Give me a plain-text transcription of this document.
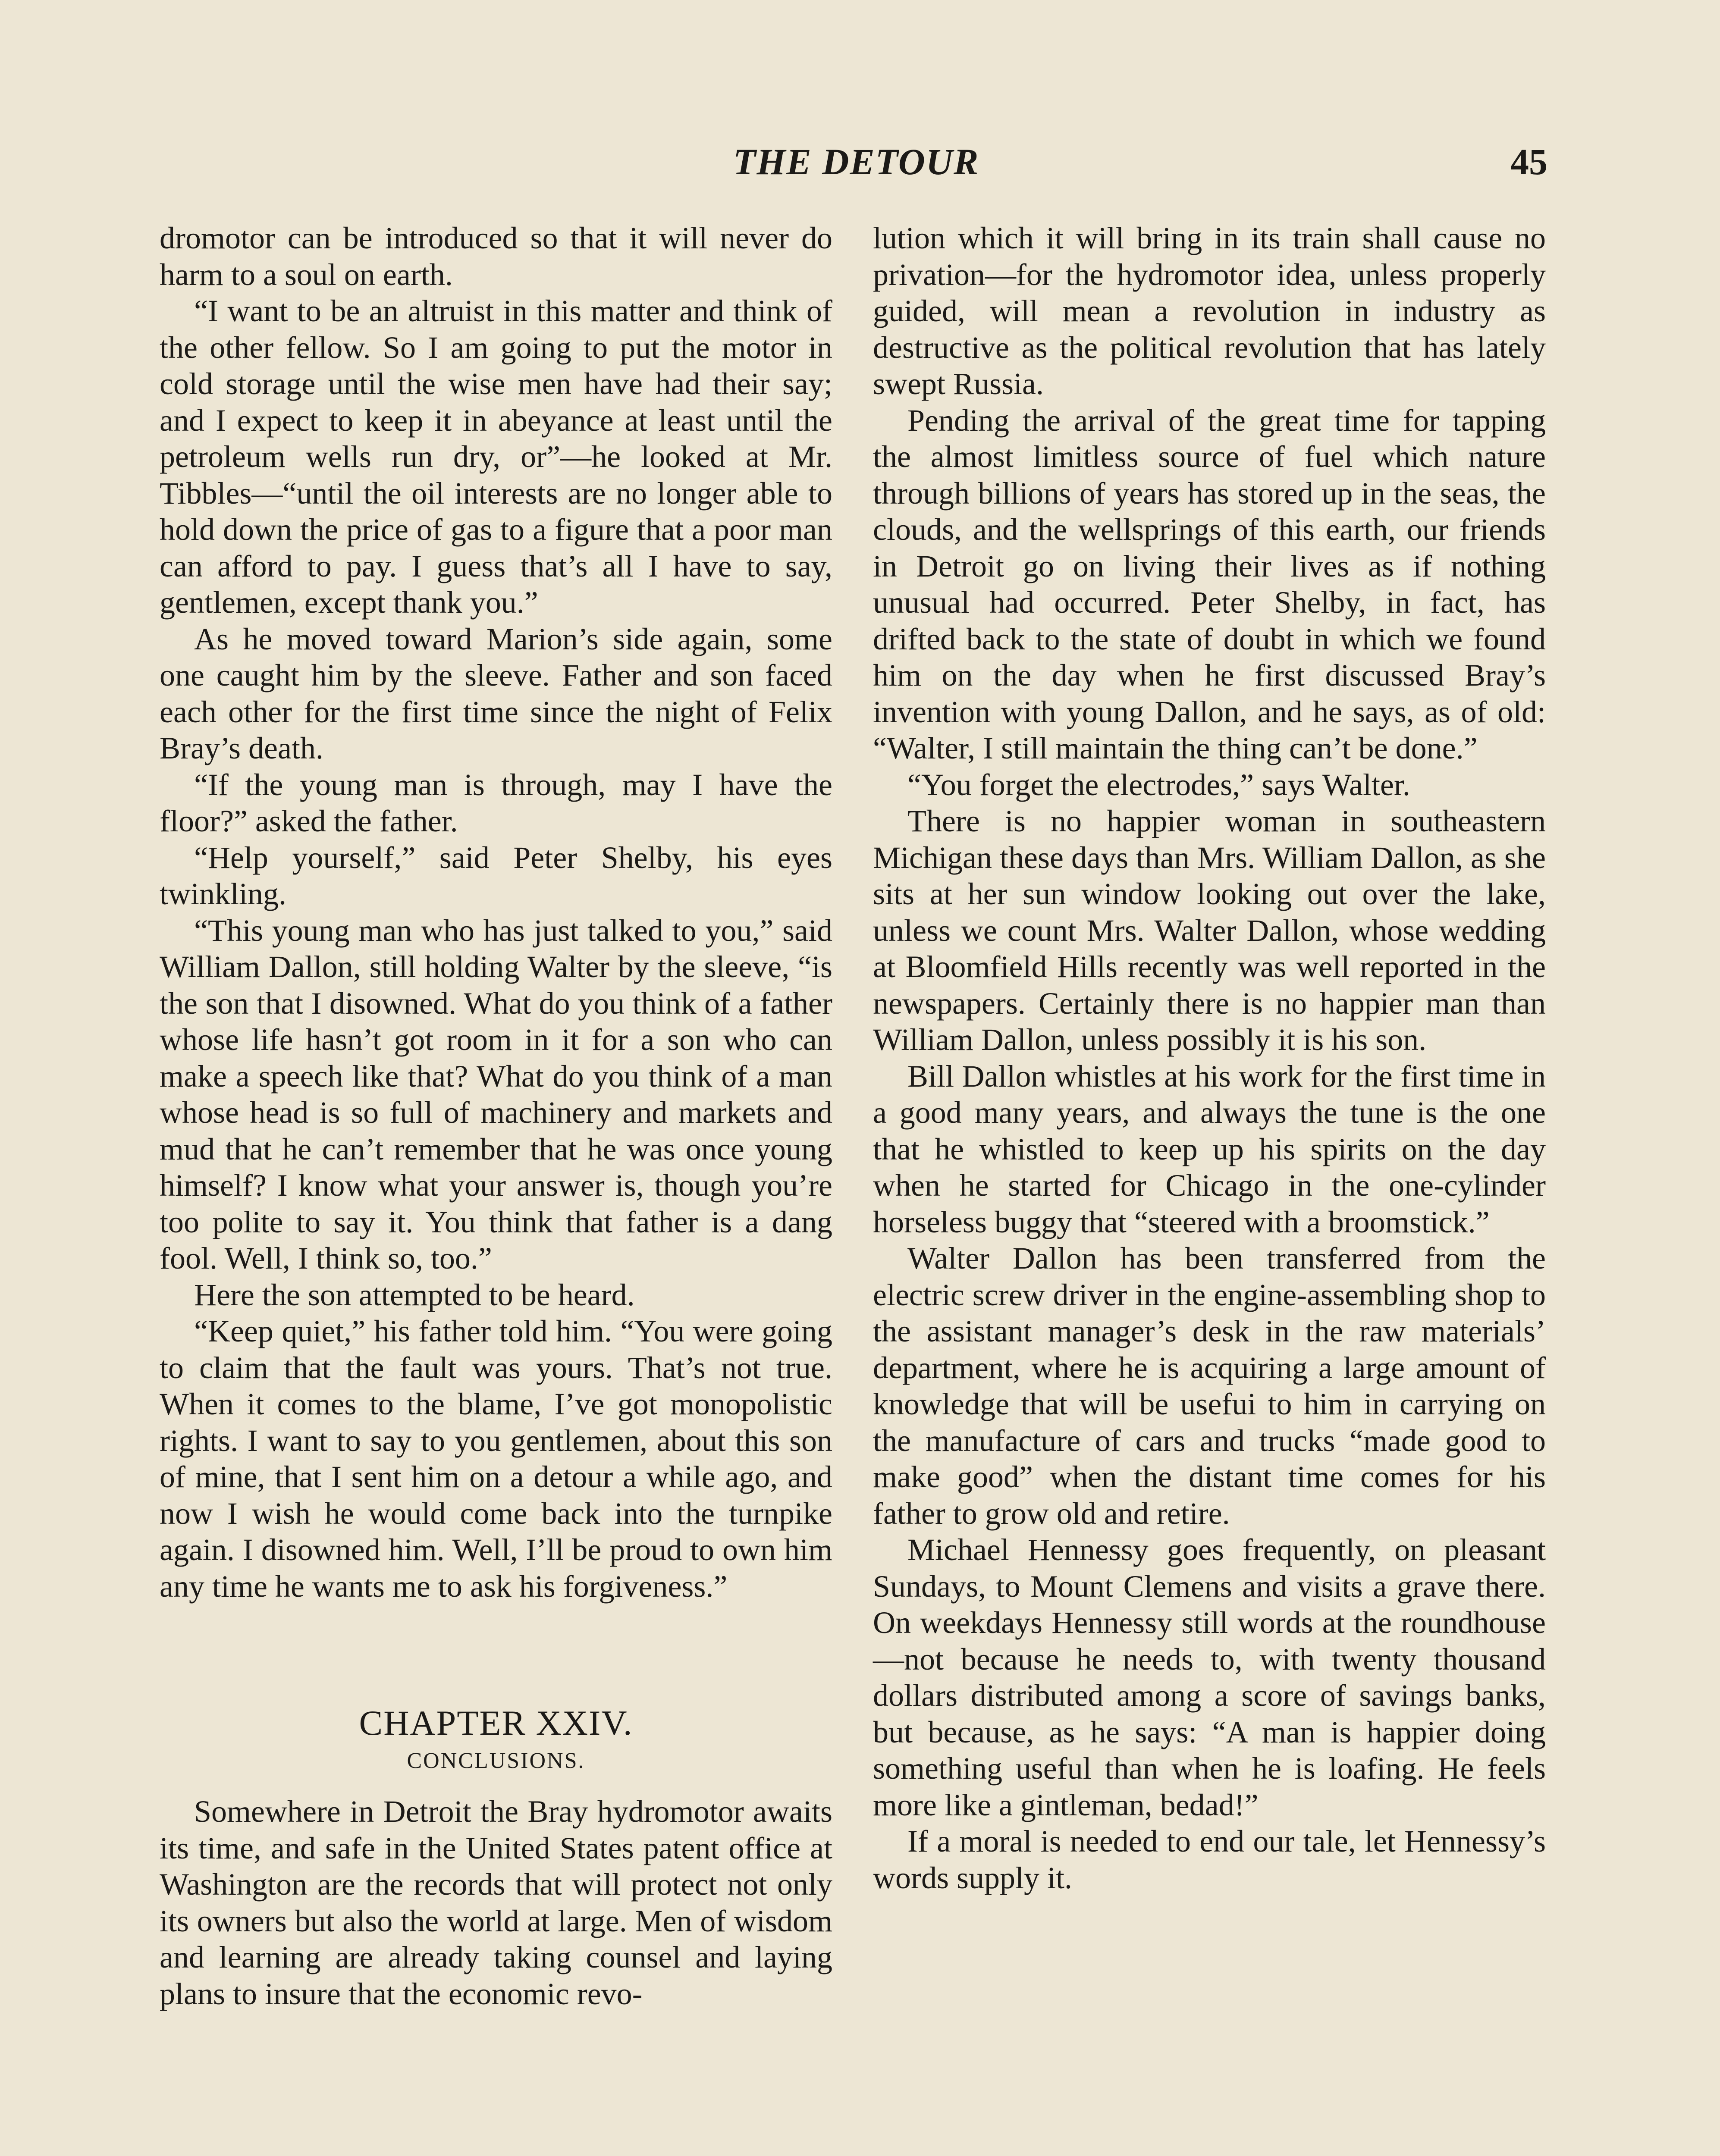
THE DETOUR	45

dromotor can be introduced so that it will never do harm to a soul on earth.

“I want to be an altruist in this matter and think of the other fellow. So I am going to put the motor in cold storage until the wise men have had their say; and I expect to keep it in abeyance at least until the petroleum wells run dry, or”—he looked at Mr. Tibbles—“until the oil interests are no longer able to hold down the price of gas to a figure that a poor man can afford to pay. I guess that’s all I have to say, gentlemen, except thank you.”

As he moved toward Marion’s side again, some one caught him by the sleeve. Father and son faced each other for the first time since the night of Felix Bray’s death.

“If the young man is through, may I have the floor?” asked the father.

“Help yourself,” said Peter Shelby, his eyes twinkling.

“This young man who has just talked to you,” said William Dallon, still holding Walter by the sleeve, “is the son that I disowned. What do you think of a father whose life hasn’t got room in it for a son who can make a speech like that? What do you think of a man whose head is so full of machinery and markets and mud that he can’t remember that he was once young himself? I know what your answer is, though you’re too polite to say it. You think that father is a dang fool. Well, I think so, too.”

Here the son attempted to be heard.

“Keep quiet,” his father told him. “You were going to claim that the fault was yours. That’s not true. When it comes to the blame, I’ve got monopolistic rights. I want to say to you gentlemen, about this son of mine, that I sent him on a detour a while ago, and now I wish he would come back into the turnpike again. I disowned him. Well, I’ll be proud to own him any time he wants me to ask his forgiveness.”

CHAPTER XXIV.
CONCLUSIONS.

Somewhere in Detroit the Bray hydromotor awaits its time, and safe in the United States patent office at Washington are the records that will protect not only its owners but also the world at large. Men of wisdom and learning are already taking counsel and laying plans to insure that the economic revo-

lution which it will bring in its train shall cause no privation—for the hydromotor idea, unless properly guided, will mean a revolution in industry as destructive as the political revolution that has lately swept Russia.

Pending the arrival of the great time for tapping the almost limitless source of fuel which nature through billions of years has stored up in the seas, the clouds, and the wellsprings of this earth, our friends in Detroit go on living their lives as if nothing unusual had occurred. Peter Shelby, in fact, has drifted back to the state of doubt in which we found him on the day when he first discussed Bray’s invention with young Dallon, and he says, as of old: “Walter, I still maintain the thing can’t be done.”

“You forget the electrodes,” says Walter.

There is no happier woman in southeastern Michigan these days than Mrs. William Dallon, as she sits at her sun window looking out over the lake, unless we count Mrs. Walter Dallon, whose wedding at Bloomfield Hills recently was well reported in the newspapers. Certainly there is no happier man than William Dallon, unless possibly it is his son.

Bill Dallon whistles at his work for the first time in a good many years, and always the tune is the one that he whistled to keep up his spirits on the day when he started for Chicago in the one-cylinder horseless buggy that “steered with a broomstick.”

Walter Dallon has been transferred from the electric screw driver in the engine-assembling shop to the assistant manager’s desk in the raw materials’ department, where he is acquiring a large amount of knowledge that will be usefui to him in carrying on the manufacture of cars and trucks “made good to make good” when the distant time comes for his father to grow old and retire.

Michael Hennessy goes frequently, on pleasant Sundays, to Mount Clemens and visits a grave there. On weekdays Hennessy still words at the roundhouse—not because he needs to, with twenty thousand dollars distributed among a score of savings banks, but because, as he says: “A man is happier doing something useful than when he is loafing. He feels more like a gintleman, bedad!”

If a moral is needed to end our tale, let Hennessy’s words supply it.
